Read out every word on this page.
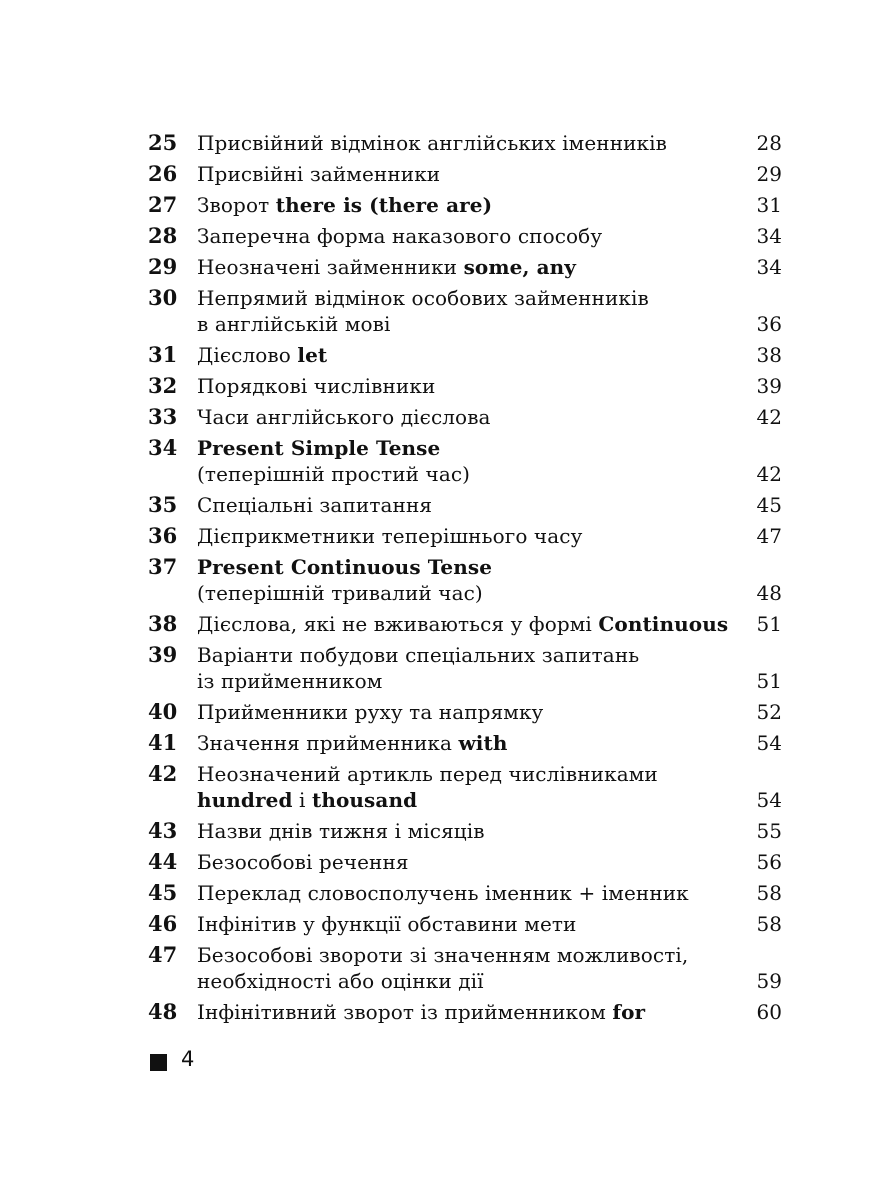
25 Присвійний відмінок англійських іменників	28
26 Присвійні займенники	29
27 Зворот there is (there are)	31
28 Заперечна форма наказового способу	34
29 Неозначені займенники some, any	34
30 Непрямий відмінок особових займенників
в англійській мові	36
31 Дієслово let	38
32 Порядкові числівники	39
33 Часи англійського дієслова	42
34 Present Simple Tense
(теперішній простий час)	42
35 Спеціальні запитання	45
36 Дієприкметники теперішнього часу	47
37 Present Continuous Tense
(теперішній тривалий час)	48
38 Дієслова, які не вживаються у формі Continuous	51
39 Варіанти побудови спеціальних запитань
із прийменником	51
40 Прийменники руху та напрямку	52
41 Значення прийменника with	54
42 Неозначений артикль перед числівниками
hundred і thousand	54
43 Назви днів тижня і місяців	55
44 Безособові речення	56
45 Переклад словосполучень іменник + іменник	58
46 Інфінітив у функції обставини мети	58
47 Безособові звороти зі значенням можливості,
необхідності або оцінки дії	59
48 Інфінітивний зворот із прийменником for	60
4
